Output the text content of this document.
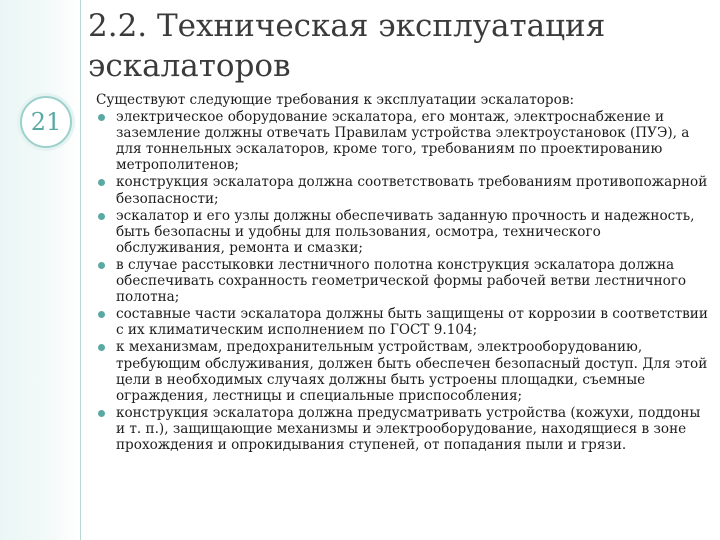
21
2.2. Техническая эксплуатация эскалаторов

Существуют следующие требования к эксплуатации эскалаторов:

электрическое оборудование эскалатора, его монтаж, электроснабжение и заземление должны отвечать Правилам устройства электроустановок (ПУЭ), а для тоннельных эскалаторов, кроме того, требованиям по проектированию метрополитенов;
конструкция эскалатора должна соответствовать требованиям противопожарной безопасности;
эскалатор и его узлы должны обеспечивать заданную прочность и надежность, быть безопасны и удобны для пользования, осмотра, технического обслуживания, ремонта и смазки;
в случае расстыковки лестничного полотна конструкция эскалатора должна обеспечивать сохранность геометрической формы рабочей ветви лестничного полотна;
составные части эскалатора должны быть защищены от коррозии в соответствии с их климатическим исполнением по ГОСТ 9.104;
к механизмам, предохранительным устройствам, электрооборудованию, требующим обслуживания, должен быть обеспечен безопасный доступ. Для этой цели в необходимых случаях должны быть устроены площадки, съемные ограждения, лестницы и специальные приспособления;
конструкция эскалатора должна предусматривать устройства (кожухи, поддоны и т. п.), защищающие механизмы и электрооборудование, находящиеся в зоне прохождения и опрокидывания ступеней, от попадания пыли и грязи.
